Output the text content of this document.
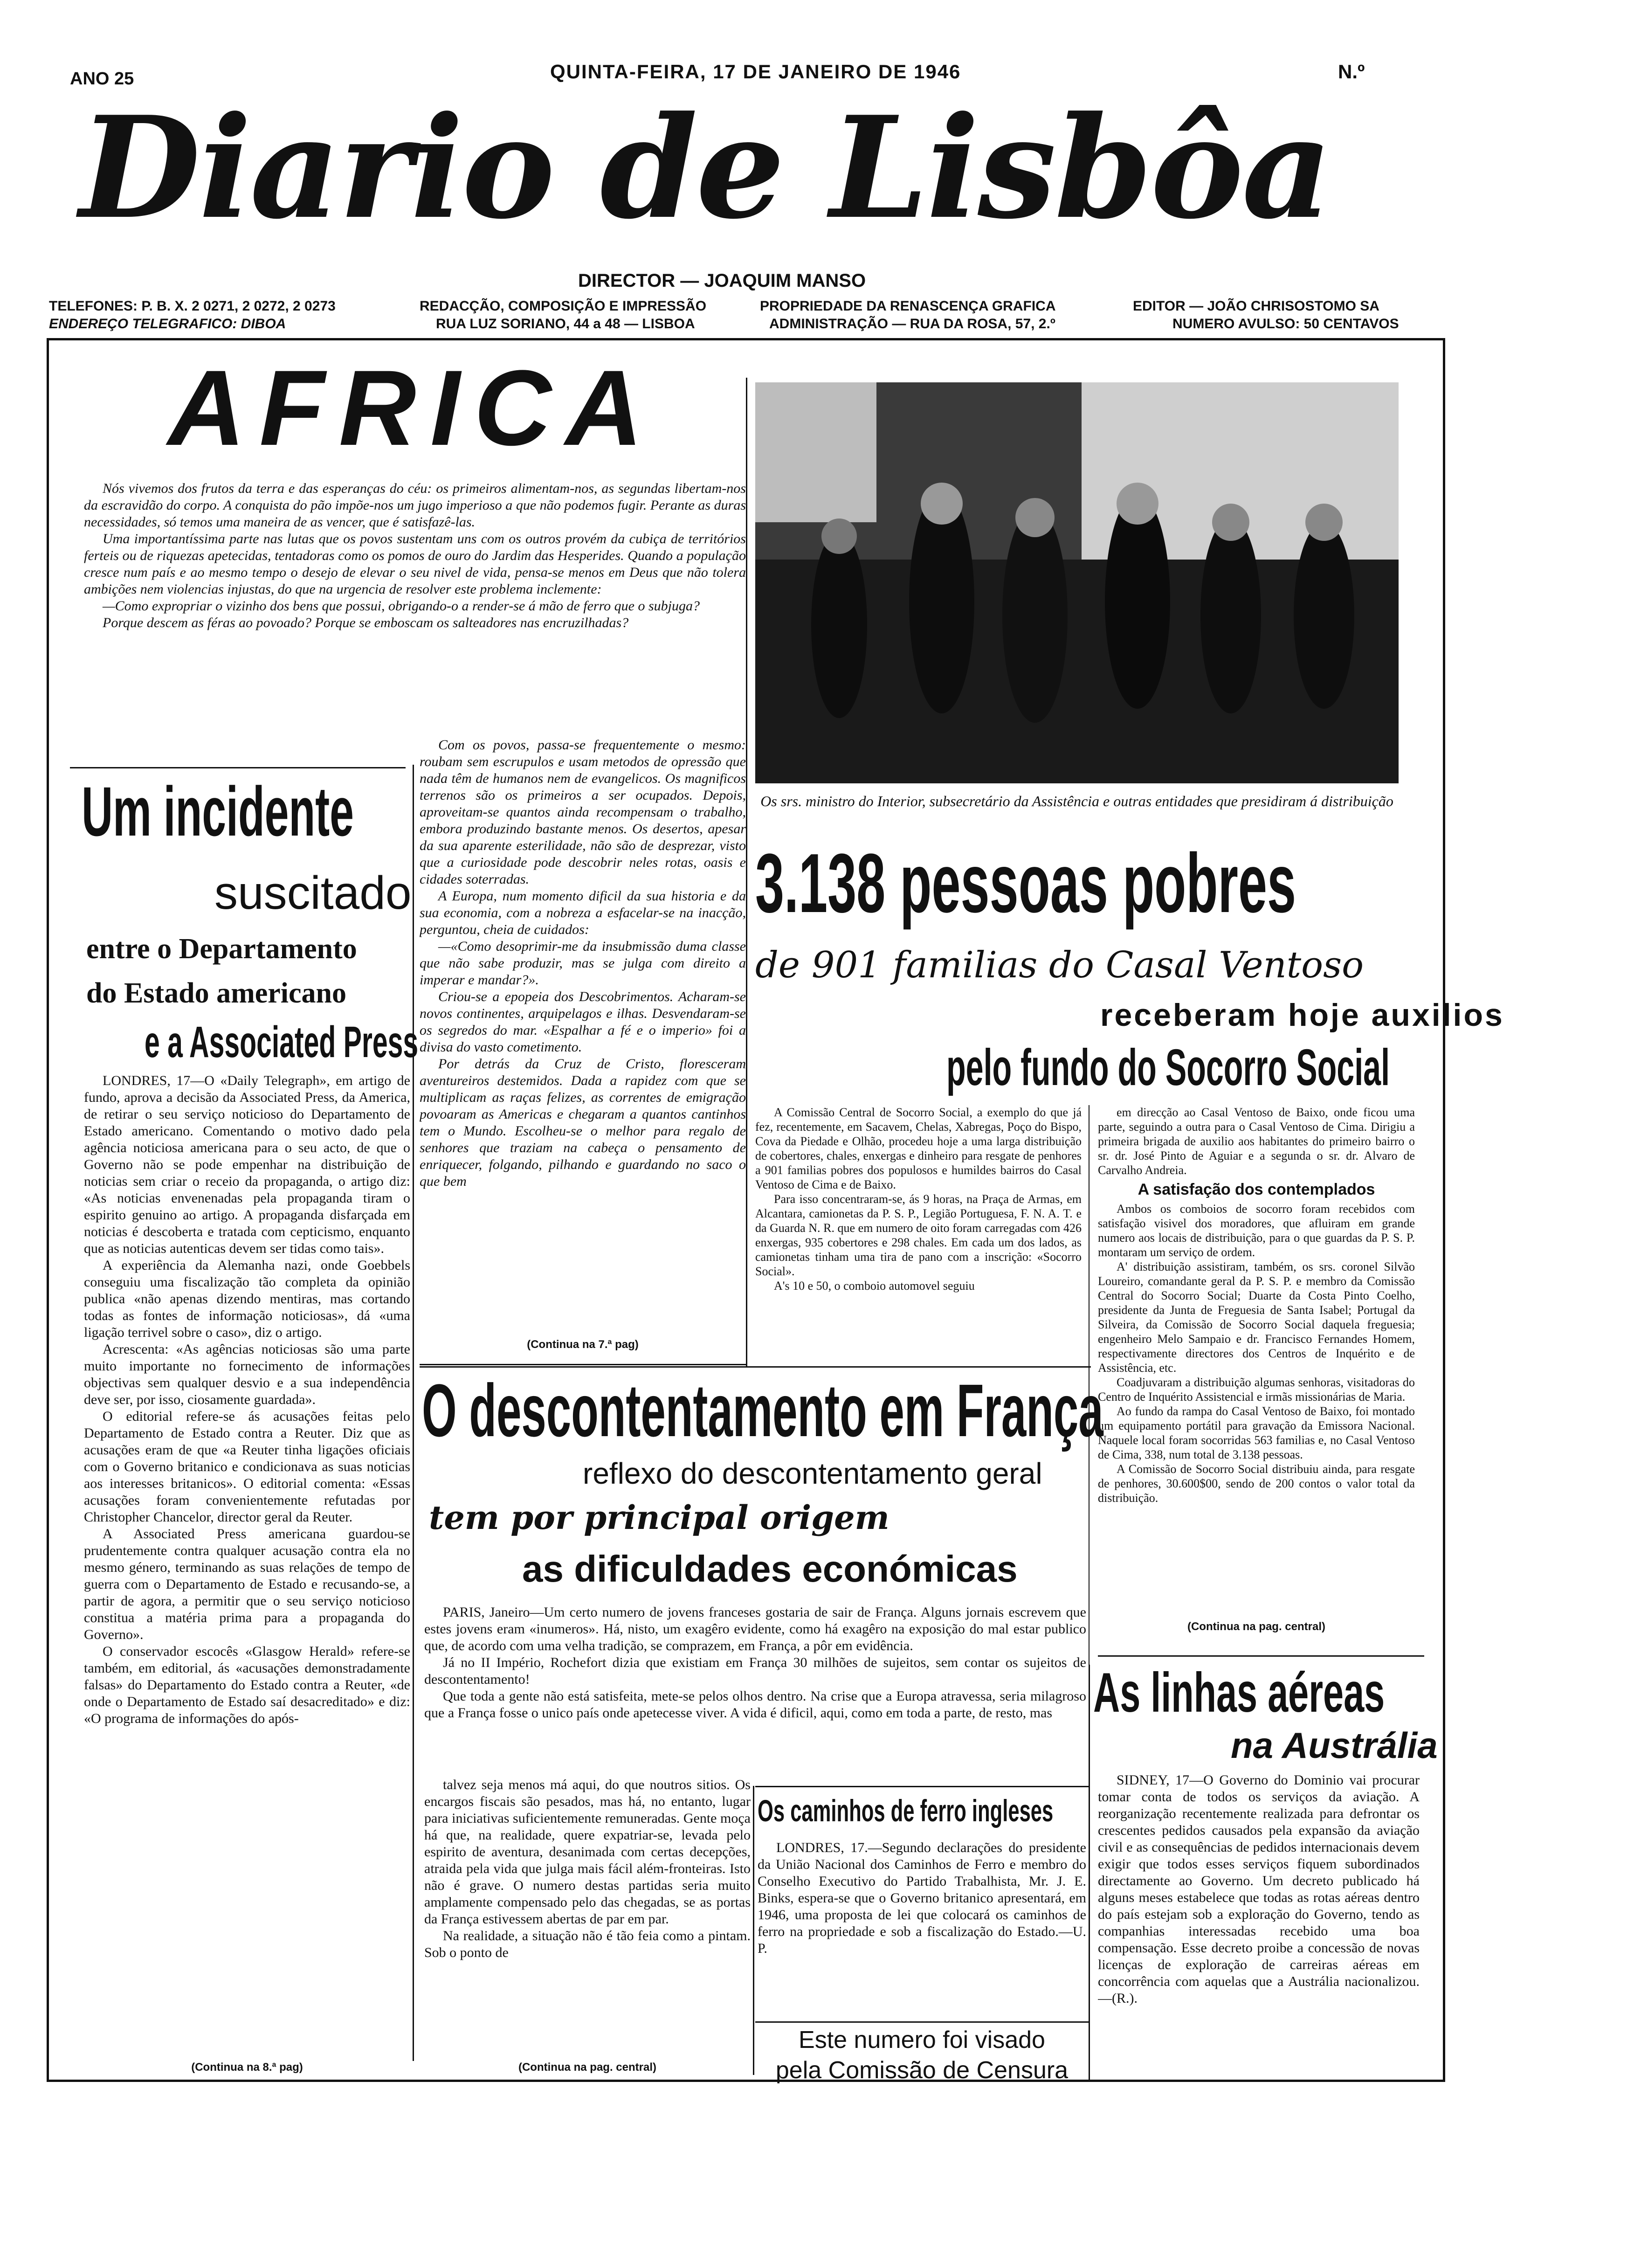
ANO 25	QUINTA-FEIRA, 17 DE JANEIRO DE 1946	N.º
Diario de Lisbôa
DIRECTOR — JOAQUIM MANSO
TELEFONES: P. B. X. 2 0271, 2 0272, 2 0273
ENDEREÇO TELEGRAFICO: DIBOA
REDACÇÃO, COMPOSIÇÃO E IMPRESSÃO
RUA LUZ SORIANO, 44 a 48 — LISBOA
PROPRIEDADE DA RENASCENÇA GRAFICA
ADMINISTRAÇÃO — RUA DA ROSA, 57, 2.º
EDITOR — JOÃO CHRISOSTOMO SA
NUMERO AVULSO: 50 CENTAVOS
AFRICA

Nós vivemos dos frutos da terra e das esperanças do céu: os primeiros alimentam-nos, as segundas libertam-nos da escravidão do corpo. A conquista do pão impõe-nos um jugo imperioso a que não podemos fugir. Perante as duras necessidades, só temos uma maneira de as vencer, que é satisfazê-las.

Uma importantíssima parte nas lutas que os povos sustentam uns com os outros provém da cubiça de territórios ferteis ou de riquezas apetecidas, tentadoras como os pomos de ouro do Jardim das Hesperides. Quando a população cresce num país e ao mesmo tempo o desejo de elevar o seu nivel de vida, pensa-se menos em Deus que não tolera ambições nem violencias injustas, do que na urgencia de resolver este problema inclemente:

—Como expropriar o vizinho dos bens que possui, obrigando-o a render-se á mão de ferro que o subjuga?

Porque descem as féras ao povoado? Porque se emboscam os salteadores nas encruzilhadas?

Com os povos, passa-se frequentemente o mesmo: roubam sem escrupulos e usam metodos de opressão que nada têm de humanos nem de evangelicos. Os magnificos terrenos são os primeiros a ser ocupados. Depois, aproveitam-se quantos ainda recompensam o trabalho, embora produzindo bastante menos. Os desertos, apesar da sua aparente esterilidade, não são de desprezar, visto que a curiosidade pode descobrir neles rotas, oasis e cidades soterradas.

A Europa, num momento dificil da sua historia e da sua economia, com a nobreza a esfacelar-se na inacção, perguntou, cheia de cuidados:

—«Como desoprimir-me da insubmissão duma classe que não sabe produzir, mas se julga com direito a imperar e mandar?».

Criou-se a epopeia dos Descobrimentos. Acharam-se novos continentes, arquipelagos e ilhas. Desvendaram-se os segredos do mar. «Espalhar a fé e o imperio» foi a divisa do vasto cometimento.

Por detrás da Cruz de Cristo, floresceram aventureiros destemidos. Dada a rapidez com que se multiplicam as raças felizes, as correntes de emigração povoaram as Americas e chegaram a quantos cantinhos tem o Mundo. Escolheu-se o melhor para regalo de senhores que traziam na cabeça o pensamento de enriquecer, folgando, pilhando e guardando no saco o que bem

(Continua na 7.ª pag)
Um incidente
suscitado
entre o Departamento
do Estado americano
e a Associated Press

LONDRES, 17—O «Daily Telegraph», em artigo de fundo, aprova a decisão da Associated Press, da America, de retirar o seu serviço noticioso do Departamento de Estado americano. Comentando o motivo dado pela agência noticiosa americana para o seu acto, de que o Governo não se pode empenhar na distribuição de noticias sem criar o receio da propaganda, o artigo diz: «As noticias envenenadas pela propaganda tiram o espirito genuino ao artigo. A propaganda disfarçada em noticias é descoberta e tratada com cepticismo, enquanto que as noticias autenticas devem ser tidas como tais».

A experiência da Alemanha nazi, onde Goebbels conseguiu uma fiscalização tão completa da opinião publica «não apenas dizendo mentiras, mas cortando todas as fontes de informação noticiosas», dá «uma ligação terrivel sobre o caso», diz o artigo.

Acrescenta: «As agências noticiosas são uma parte muito importante no fornecimento de informações objectivas sem qualquer desvio e a sua independência deve ser, por isso, ciosamente guardada».

O editorial refere-se ás acusações feitas pelo Departamento de Estado contra a Reuter. Diz que as acusações eram de que «a Reuter tinha ligações oficiais com o Governo britanico e condicionava as suas noticias aos interesses britanicos». O editorial comenta: «Essas acusações foram convenientemente refutadas por Christopher Chancelor, director geral da Reuter.

A Associated Press americana guardou-se prudentemente contra qualquer acusação contra ela no mesmo género, terminando as suas relações de tempo de guerra com o Departamento de Estado e recusando-se, a partir de agora, a permitir que o seu serviço noticioso constitua a matéria prima para a propaganda do Governo».

O conservador escocês «Glasgow Herald» refere-se também, em editorial, ás «acusações demonstradamente falsas» do Departamento do Estado contra a Reuter, «de onde o Departamento de Estado saí desacreditado» e diz: «O programa de informações do após-

(Continua na 8.ª pag)
Os srs. ministro do Interior, subsecretário da Assistência e outras entidades que presidiram á distribuição
3.138 pessoas pobres
de 901 familias do Casal Ventoso
receberam hoje auxilios
pelo fundo do Socorro Social

A Comissão Central de Socorro Social, a exemplo do que já fez, recentemente, em Sacavem, Chelas, Xabregas, Poço do Bispo, Cova da Piedade e Olhão, procedeu hoje a uma larga distribuição de cobertores, chales, enxergas e dinheiro para resgate de penhores a 901 familias pobres dos populosos e humildes bairros do Casal Ventoso de Cima e de Baixo.

Para isso concentraram-se, ás 9 horas, na Praça de Armas, em Alcantara, camionetas da P. S. P., Legião Portuguesa, F. N. A. T. e da Guarda N. R. que em numero de oito foram carregadas com 426 enxergas, 935 cobertores e 298 chales. Em cada um dos lados, as camionetas tinham uma tira de pano com a inscrição: «Socorro Social».

A's 10 e 50, o comboio automovel seguiu

em direcção ao Casal Ventoso de Baixo, onde ficou uma parte, seguindo a outra para o Casal Ventoso de Cima. Dirigiu a primeira brigada de auxilio aos habitantes do primeiro bairro o sr. dr. José Pinto de Aguiar e a segunda o sr. dr. Alvaro de Carvalho Andreia.

A satisfação dos contemplados

Ambos os comboios de socorro foram recebidos com satisfação visivel dos moradores, que afluiram em grande numero aos locais de distribuição, para o que guardas da P. S. P. montaram um serviço de ordem.

A' distribuição assistiram, também, os srs. coronel Silvão Loureiro, comandante geral da P. S. P. e membro da Comissão Central do Socorro Social; Duarte da Costa Pinto Coelho, presidente da Junta de Freguesia de Santa Isabel; Portugal da Silveira, da Comissão de Socorro Social daquela freguesia; engenheiro Melo Sampaio e dr. Francisco Fernandes Homem, respectivamente directores dos Centros de Inquérito e de Assistência, etc.

Coadjuvaram a distribuição algumas senhoras, visitadoras do Centro de Inquérito Assistencial e irmãs missionárias de Maria.

Ao fundo da rampa do Casal Ventoso de Baixo, foi montado um equipamento portátil para gravação da Emissora Nacional. Naquele local foram socorridas 563 familias e, no Casal Ventoso de Cima, 338, num total de 3.138 pessoas.

A Comissão de Socorro Social distribuiu ainda, para resgate de penhores, 30.600$00, sendo de 200 contos o valor total da distribuição.

(Continua na pag. central)
O descontentamento em França
reflexo do descontentamento geral
tem por principal origem
as dificuldades económicas

PARIS, Janeiro—Um certo numero de jovens franceses gostaria de sair de França. Alguns jornais escrevem que estes jovens eram «inumeros». Há, nisto, um exagêro evidente, como há exagêro na exposição do mal estar publico que, de acordo com uma velha tradição, se comprazem, em França, a pôr em evidência.

Já no II Império, Rochefort dizia que existiam em França 30 milhões de sujeitos, sem contar os sujeitos de descontentamento!

Que toda a gente não está satisfeita, mete-se pelos olhos dentro. Na crise que a Europa atravessa, seria milagroso que a França fosse o unico país onde apetecesse viver. A vida é dificil, aqui, como em toda a parte, de resto, mas

talvez seja menos má aqui, do que noutros sitios. Os encargos fiscais são pesados, mas há, no entanto, lugar para iniciativas suficientemente remuneradas. Gente moça há que, na realidade, quere expatriar-se, levada pelo espirito de aventura, desanimada com certas decepções, atraida pela vida que julga mais fácil além-fronteiras. Isto não é grave. O numero destas partidas seria muito amplamente compensado pelo das chegadas, se as portas da França estivessem abertas de par em par.

Na realidade, a situação não é tão feia como a pintam. Sob o ponto de

(Continua na pag. central)
Os caminhos de ferro ingleses

LONDRES, 17.—Segundo declarações do presidente da União Nacional dos Caminhos de Ferro e membro do Conselho Executivo do Partido Trabalhista, Mr. J. E. Binks, espera-se que o Governo britanico apresentará, em 1946, uma proposta de lei que colocará os caminhos de ferro na propriedade e sob a fiscalização do Estado.—U. P.

Este numero foi visado
pela Comissão de Censura
As linhas aéreas
na Austrália

SIDNEY, 17—O Governo do Dominio vai procurar tomar conta de todos os serviços da aviação. A reorganização recentemente realizada para defrontar os crescentes pedidos causados pela expansão da aviação civil e as consequências de pedidos internacionais devem exigir que todos esses serviços fiquem subordinados directamente ao Governo. Um decreto publicado há alguns meses estabelece que todas as rotas aéreas dentro do país estejam sob a exploração do Governo, tendo as companhias interessadas recebido uma boa compensação. Esse decreto proibe a concessão de novas licenças de exploração de carreiras aéreas em concorrência com aquelas que a Austrália nacionalizou.—(R.).
